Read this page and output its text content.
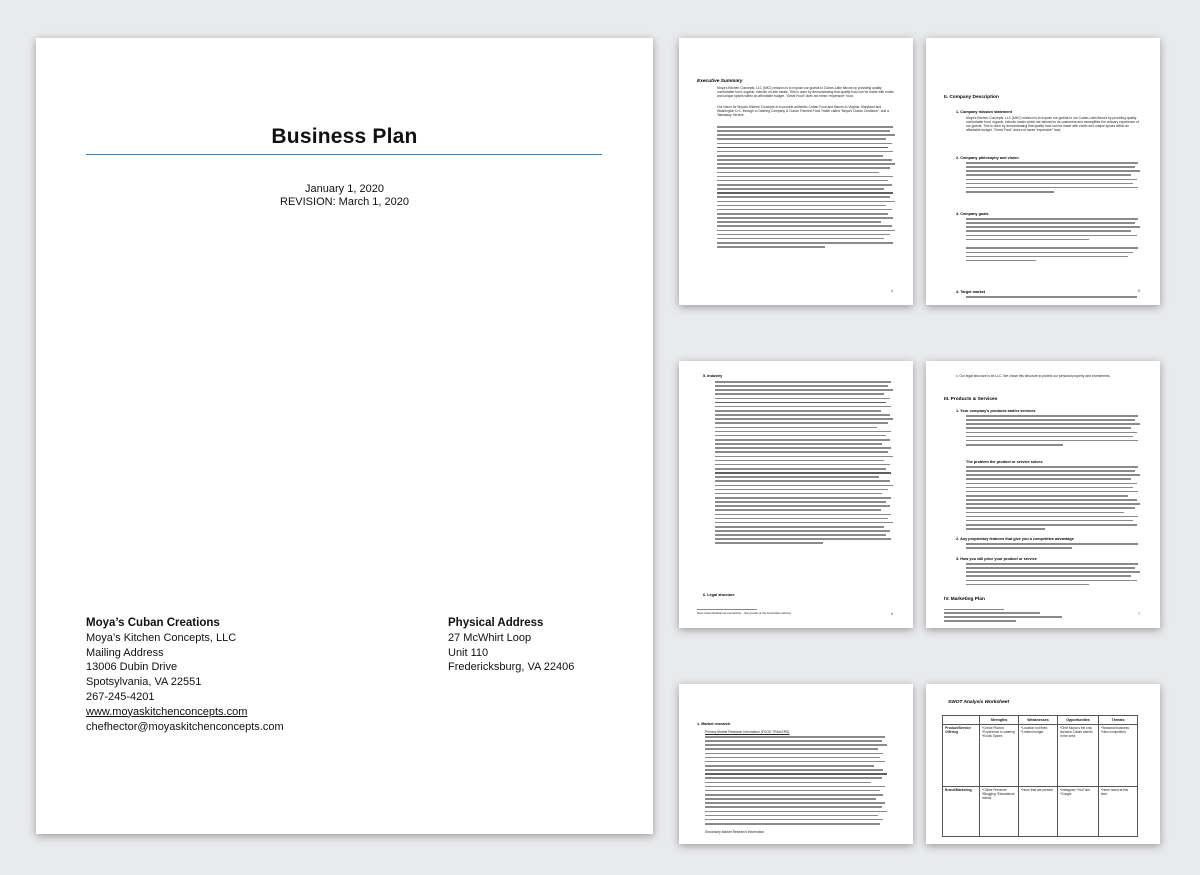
Business Plan
January 1, 2020
REVISION: March 1, 2020
Moya’s Cuban Creations
Moya’s Kitchen Concepts, LLC
Mailing Address
13006 Dubin Drive
Spotsylvania, VA 22551
267-245-4201
www.moyaskitchenconcepts.com
chefhector@moyaskitchenconcepts.com
Physical Address
27 McWhirt Loop
Unit 110
Fredericksburg, VA 22406
Executive Summary
Moya’s Kitchen Concepts, LLC (MKC) mission is to expose our guests to Cuban-Latin flavors by providing quality comfortable food, organic, eclectic on-site meals. This is done by demonstrating that quality food can be made with exotic and unique spices within an affordable budget. “Great Food” does not mean “expensive” food.
Our vision for Moya’s Kitchen Concepts is to provide authentic Cuban Food and flavors to Virginia, Maryland and Washington D.C. through a Catering Company & Cuban Themed Food Trailer called “Moya’s Cuban Creations”, and a Takeaway Service.
4
II. Company Description
1. Company mission statement
Moya’s Kitchen Concepts, LLC (MKC) mission is to expose our guests to our Cuban-Latin flavors by providing quality comfortable food, organic, eclectic meals which are tailored to its customers and exemplifies the culinary experience of our guests. This is done by demonstrating that quality food can be made with exotic and unique spices within an affordable budget. “Great Food” does not mean “expensive” food.
2. Company philosophy and vision
3. Company goals
4. Target market	5
5. Industry
6. Legal structure
https://www.floridatrend.com/article/…/the-growth-of-the-food-trailer-industry	6
c. Our legal structure is an LLC. We chose this structure to protect our personal property and investments.
III. Products & Services
1. Your company’s products and/or services
The problem the product or service solves
2. Any proprietary features that give you a competitive advantage
3. How you will price your product or service
IV. Marketing Plan
7
1. Market research
Primary Market Research Information (FOOD TRAILERS)
Secondary Market Research Information
SWOT Analysis Worksheet
	Strengths	Weaknesses	Opportunities	Threats
Product/Service Offering	*Creole Flavors *Experience in catering *Exotic Spices	*Location not fixed *Limited budget	*Chef Moya is the only licensed Cuban caterer in the area	*Seasonal business *New competitors
Brand/Marketing	*Online Presence *Blogging *Educational videos	*None that are present	*Instagram *YouTube *Google	*None noted at this time
